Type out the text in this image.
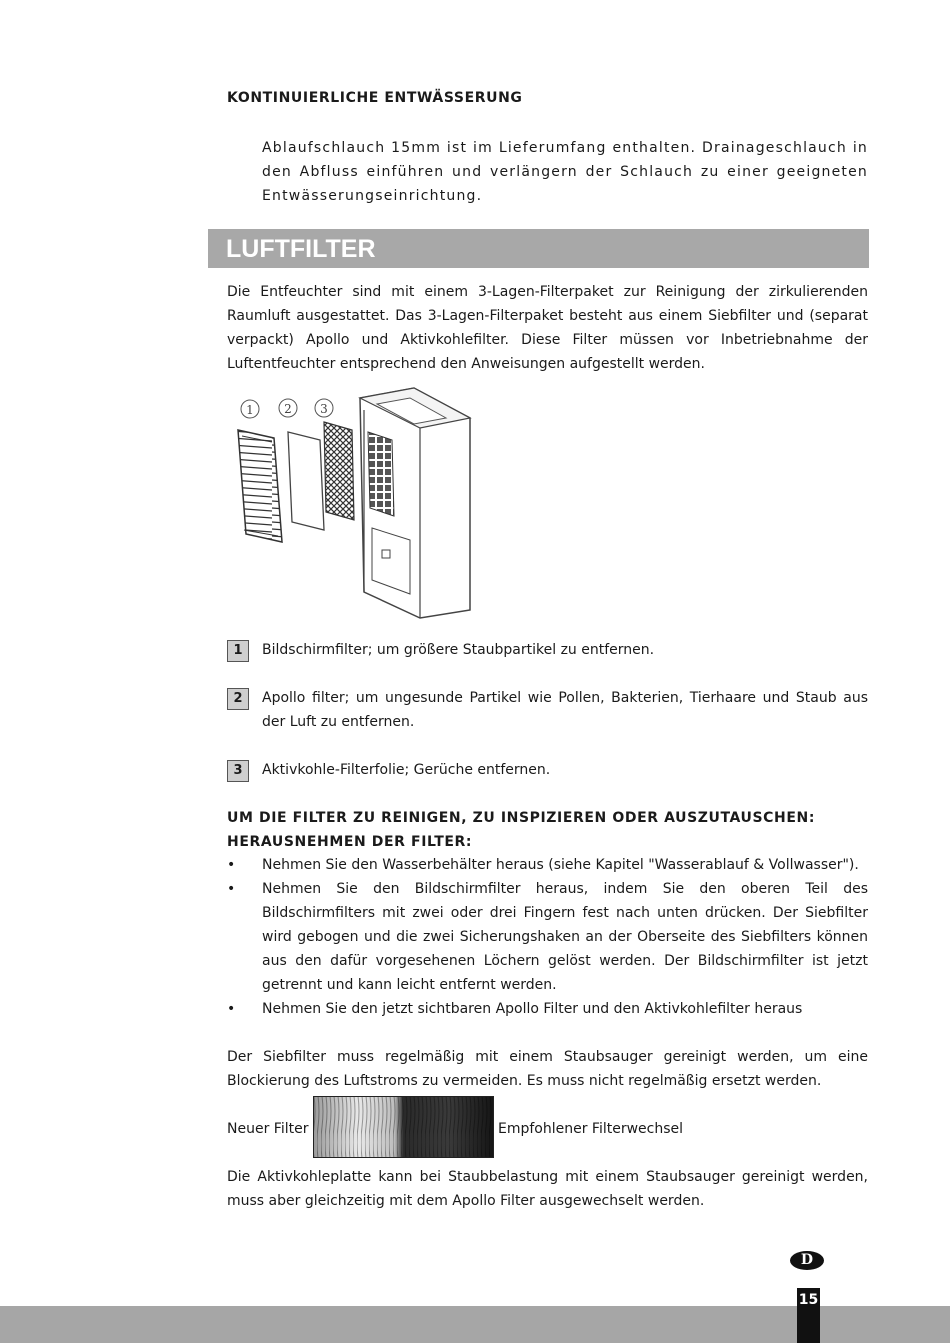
KONTINUIERLICHE ENTWÄSSERUNG
Ablaufschlauch 15mm ist im Lieferumfang enthalten. Drainageschlauch in den Abfluss einführen und verlängern der Schlauch zu einer geeigneten Entwässerungseinrichtung.
LUFTFILTER
Die Entfeuchter sind mit einem 3-Lagen-Filterpaket zur Reinigung der zirkulierenden Raumluft ausgestattet. Das 3-Lagen-Filterpaket besteht aus einem Siebfilter und (separat verpackt) Apollo und Aktivkohlefilter. Diese Filter müssen vor Inbetriebnahme der Luftentfeuchter entsprechend den Anweisungen aufgestellt werden.
1	2 3
1	Bildschirmfilter; um größere Staubpartikel zu entfernen.
2	Apollo filter; um ungesunde Partikel wie Pollen, Bakterien, Tierhaare und Staub aus der Luft zu entfernen.
3	Aktivkohle-Filterfolie; Gerüche entfernen.
UM DIE FILTER ZU REINIGEN, ZU INSPIZIEREN ODER AUSZUTAUSCHEN:
HERAUSNEHMEN DER FILTER:
• Nehmen Sie den Wasserbehälter heraus (siehe Kapitel "Wasserablauf & Vollwasser").
• Nehmen Sie den Bildschirmfilter heraus, indem Sie den oberen Teil des Bildschirmfilters mit zwei oder drei Fingern fest nach unten drücken. Der Siebfilter wird gebogen und die zwei Sicherungshaken an der Oberseite des Siebfilters können aus den dafür vorgesehenen Löchern gelöst werden. Der Bildschirmfilter ist jetzt getrennt und kann leicht entfernt werden.
• Nehmen Sie den jetzt sichtbaren Apollo Filter und den Aktivkohlefilter heraus
Der Siebfilter muss regelmäßig mit einem Staubsauger gereinigt werden, um eine Blockierung des Luftstroms zu vermeiden. Es muss nicht regelmäßig ersetzt werden.
Neuer Filter	Empfohlener Filterwechsel
Die Aktivkohleplatte kann bei Staubbelastung mit einem Staubsauger gereinigt werden, muss aber gleichzeitig mit dem Apollo Filter ausgewechselt werden.
D
15
